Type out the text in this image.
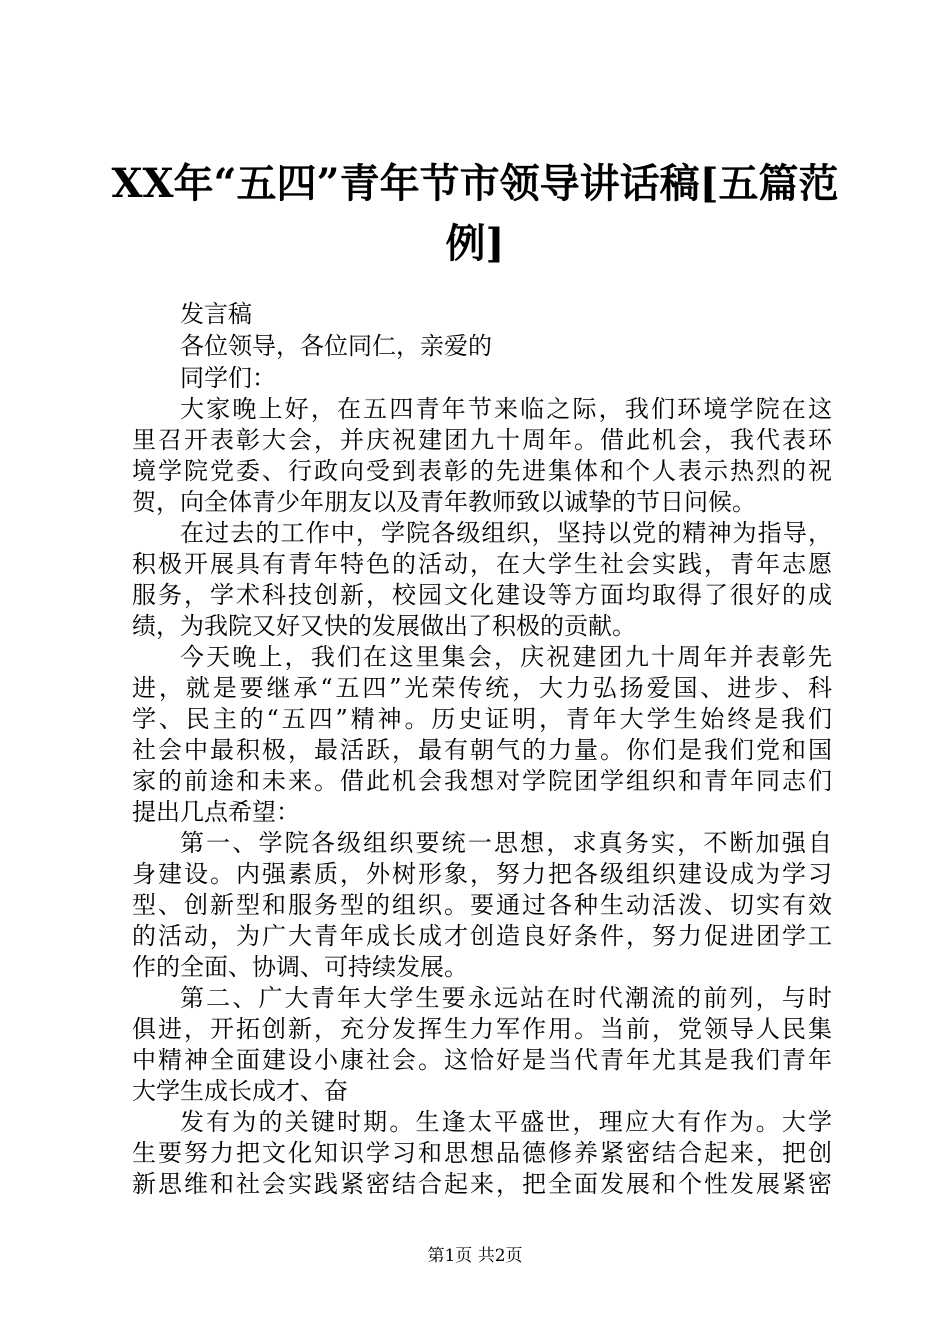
XX年“五四”青年节市领导讲话稿[五篇范
例]

发言稿

各位领导，各位同仁，亲爱的

同学们：

大家晚上好，在五四青年节来临之际，我们环境学院在这

里召开表彰大会，并庆祝建团九十周年。借此机会，我代表环

境学院党委、行政向受到表彰的先进集体和个人表示热烈的祝

贺，向全体青少年朋友以及青年教师致以诚挚的节日问候。

在过去的工作中，学院各级组织，坚持以党的精神为指导，

积极开展具有青年特色的活动，在大学生社会实践，青年志愿

服务，学术科技创新，校园文化建设等方面均取得了很好的成

绩，为我院又好又快的发展做出了积极的贡献。

今天晚上，我们在这里集会，庆祝建团九十周年并表彰先

进，就是要继承“五四”光荣传统，大力弘扬爱国、进步、科

学、民主的“五四”精神。历史证明，青年大学生始终是我们

社会中最积极，最活跃，最有朝气的力量。你们是我们党和国

家的前途和未来。借此机会我想对学院团学组织和青年同志们

提出几点希望：

第一、学院各级组织要统一思想，求真务实，不断加强自

身建设。内强素质，外树形象，努力把各级组织建设成为学习

型、创新型和服务型的组织。要通过各种生动活泼、切实有效

的活动，为广大青年成长成才创造良好条件，努力促进团学工

作的全面、协调、可持续发展。

第二、广大青年大学生要永远站在时代潮流的前列，与时

俱进，开拓创新，充分发挥生力军作用。当前，党领导人民集

中精神全面建设小康社会。这恰好是当代青年尤其是我们青年

大学生成长成才、奋

发有为的关键时期。生逢太平盛世，理应大有作为。大学

生要努力把文化知识学习和思想品德修养紧密结合起来，把创

新思维和社会实践紧密结合起来，把全面发展和个性发展紧密

第1页 共2页
